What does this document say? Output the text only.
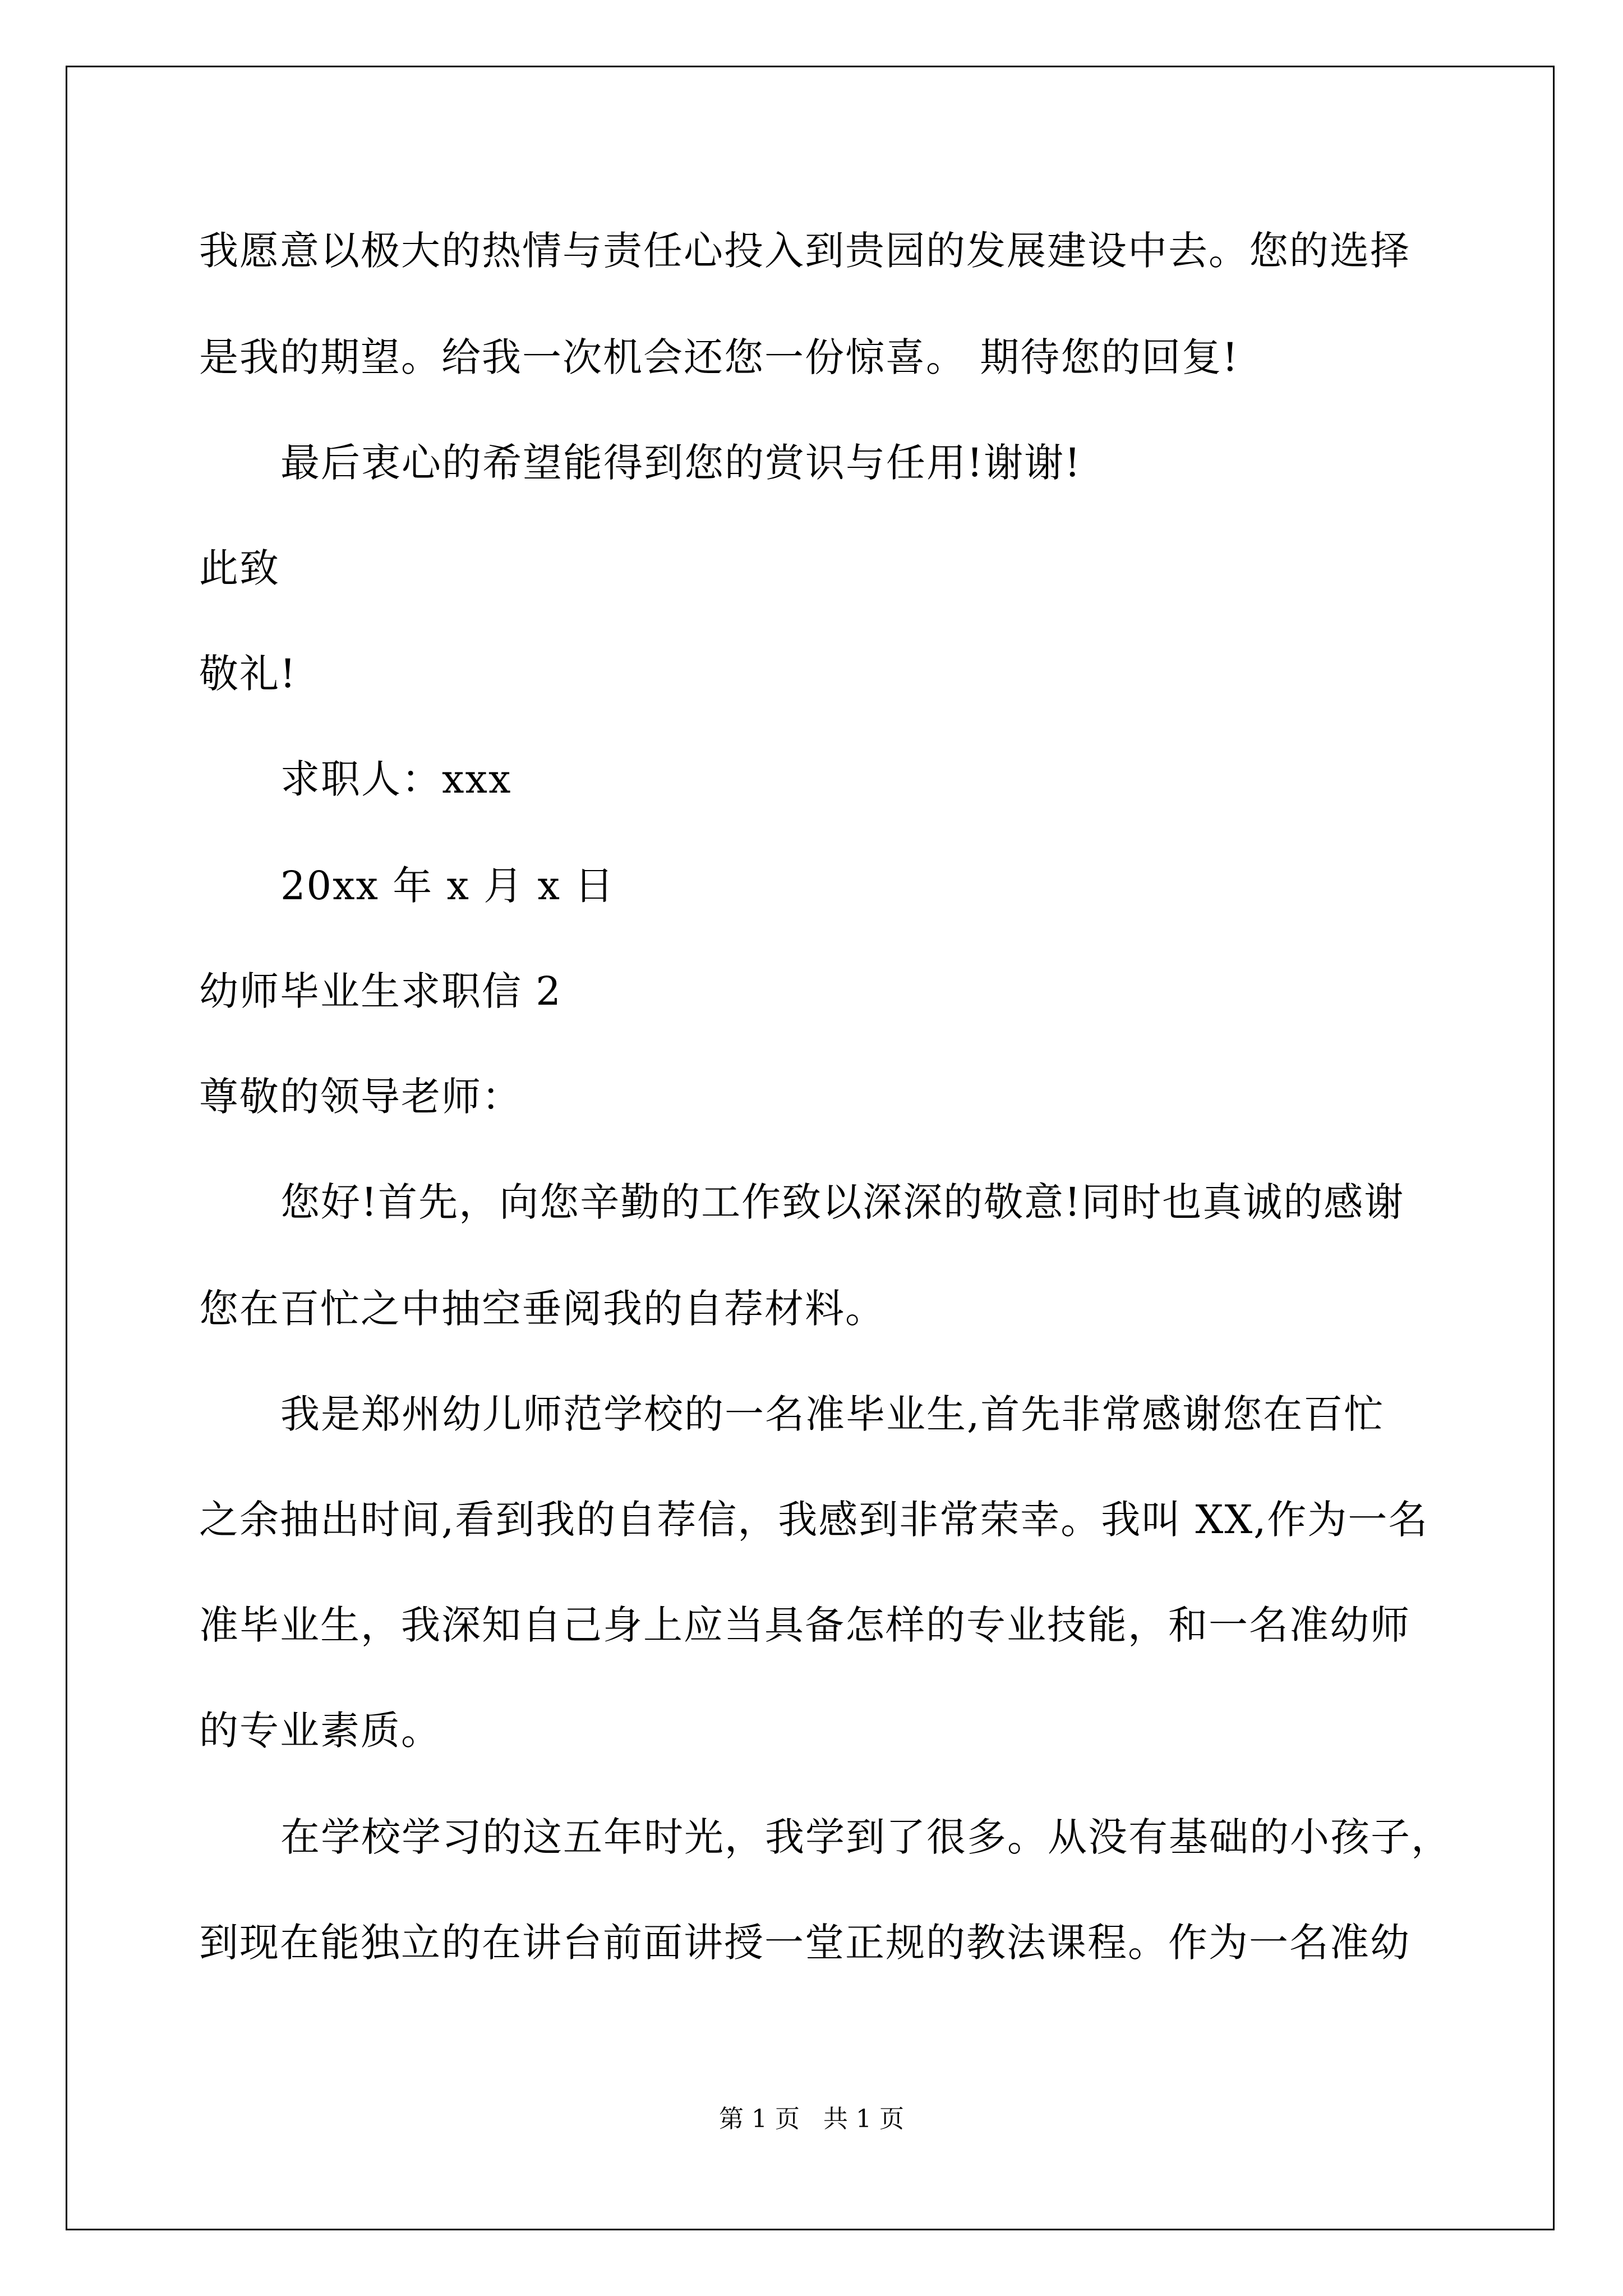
我愿意以极大的热情与责任心投入到贵园的发展建设中去。您的选择
是我的期望。给我一次机会还您一份惊喜。 期待您的回复!
最后衷心的希望能得到您的赏识与任用!谢谢!
此致
敬礼!
求职人：xxx
20xx 年 x 月 x 日
幼师毕业生求职信 2
尊敬的领导老师：
您好!首先，向您辛勤的工作致以深深的敬意!同时也真诚的感谢
您在百忙之中抽空垂阅我的自荐材料。
我是郑州幼儿师范学校的一名准毕业生,首先非常感谢您在百忙
之余抽出时间,看到我的自荐信，我感到非常荣幸。我叫 XX,作为一名
准毕业生，我深知自己身上应当具备怎样的专业技能，和一名准幼师
的专业素质。
在学校学习的这五年时光，我学到了很多。从没有基础的小孩子，
到现在能独立的在讲台前面讲授一堂正规的教法课程。作为一名准幼
第 1 页 共 1 页
